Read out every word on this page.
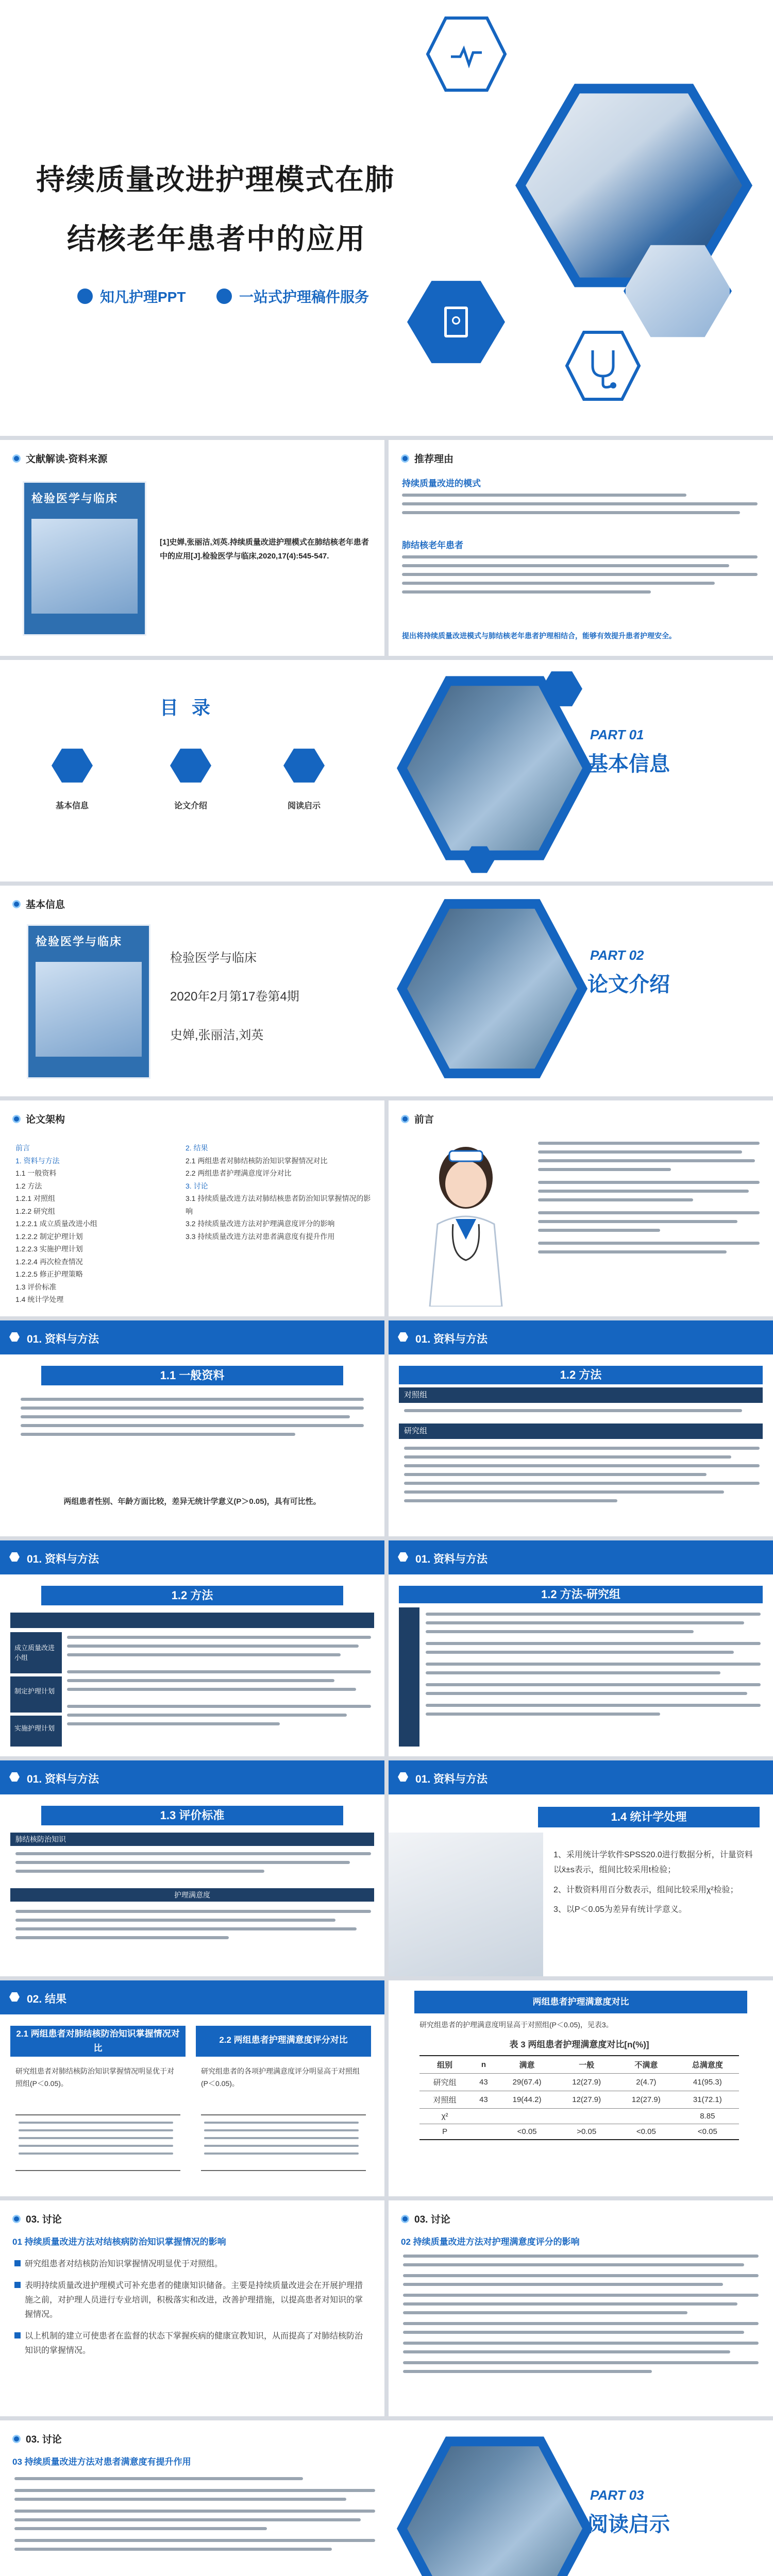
持续质量改进护理模式在肺
结核老年患者中的应用
知凡护理PPT	一站式护理稿件服务
文献解读-资料来源
检验医学与临床
[1]史婵,张丽洁,刘英.持续质量改进护理模式在肺结核老年患者中的应用[J].检验医学与临床,2020,17(4):545-547.
推荐理由
持续质量改进的模式
肺结核老年患者
提出将持续质量改进模式与肺结核老年患者护理相结合，能够有效提升患者护理安全。
目 录
基本信息	论文介绍	阅读启示
PART 01
基本信息
基本信息
检验医学与临床
检验医学与临床
2020年2月第17卷第4期
史婵,张丽洁,刘英
PART 02
论文介绍
论文架构
前言
1. 资料与方法
1.1 一般资料
1.2 方法
1.2.1 对照组
1.2.2 研究组
1.2.2.1 成立质量改进小组
1.2.2.2 制定护理计划
1.2.2.3 实施护理计划
1.2.2.4 再次检查情况
1.2.2.5 修正护理策略
1.3 评价标准
1.4 统计学处理
2. 结果
2.1 两组患者对肺结核防治知识掌握情况对比
2.2 两组患者护理满意度评分对比
3. 讨论
3.1 持续质量改进方法对肺结核患者防治知识掌握情况的影响
3.2 持续质量改进方法对护理满意度评分的影响
3.3 持续质量改进方法对患者满意度有提升作用
前言
01. 资料与方法
1.1 一般资料
两组患者性别、年龄方面比较，差异无统计学意义(P＞0.05)，具有可比性。
01. 资料与方法
1.2 方法
对照组
研究组
01. 资料与方法
1.2 方法
成立质量改进小组
制定护理计划
实施护理计划
01. 资料与方法
1.2 方法-研究组
01. 资料与方法
1.3 评价标准
肺结核防治知识
护理满意度
01. 资料与方法
1.4 统计学处理
1、采用统计学软件SPSS20.0进行数据分析，计量资料以x̄±s表示，组间比较采用t检验；
2、计数资料用百分数表示，组间比较采用χ²检验；
3、以P＜0.05为差异有统计学意义。
02. 结果
2.1 两组患者对肺结核防治知识掌握情况对比
2.2 两组患者护理满意度评分对比
研究组患者对肺结核防治知识掌握情况明显优于对照组(P＜0.05)。
研究组患者的各项护理满意度评分明显高于对照组(P＜0.05)。
两组患者护理满意度对比
研究组患者的护理满意度明显高于对照组(P＜0.05)，见表3。
表 3 两组患者护理满意度对比[n(%)]
组别	n	满意	一般	不满意	总满意度
研究组	43	29(67.4)	12(27.9)	2(4.7)	41(95.3)
对照组	43	19(44.2)	12(27.9)	12(27.9)	31(72.1)
χ²					8.85
P		<0.05	>0.05	<0.05	<0.05
03. 讨论
01 持续质量改进方法对结核病防治知识掌握情况的影响
研究组患者对结核防治知识掌握情况明显优于对照组。
表明持续质量改进护理模式可补充患者的健康知识储备。主要是持续质量改进会在开展护理措施之前，对护理人员进行专业培训，积极落实和改进，改善护理措施，以提高患者对知识的掌握情况。
以上机制的建立可使患者在监督的状态下掌握疾病的健康宣教知识，从而提高了对肺结核防治知识的掌握情况。
03. 讨论
02 持续质量改进方法对护理满意度评分的影响
03. 讨论
03 持续质量改进方法对患者满意度有提升作用
PART 03
阅读启示
